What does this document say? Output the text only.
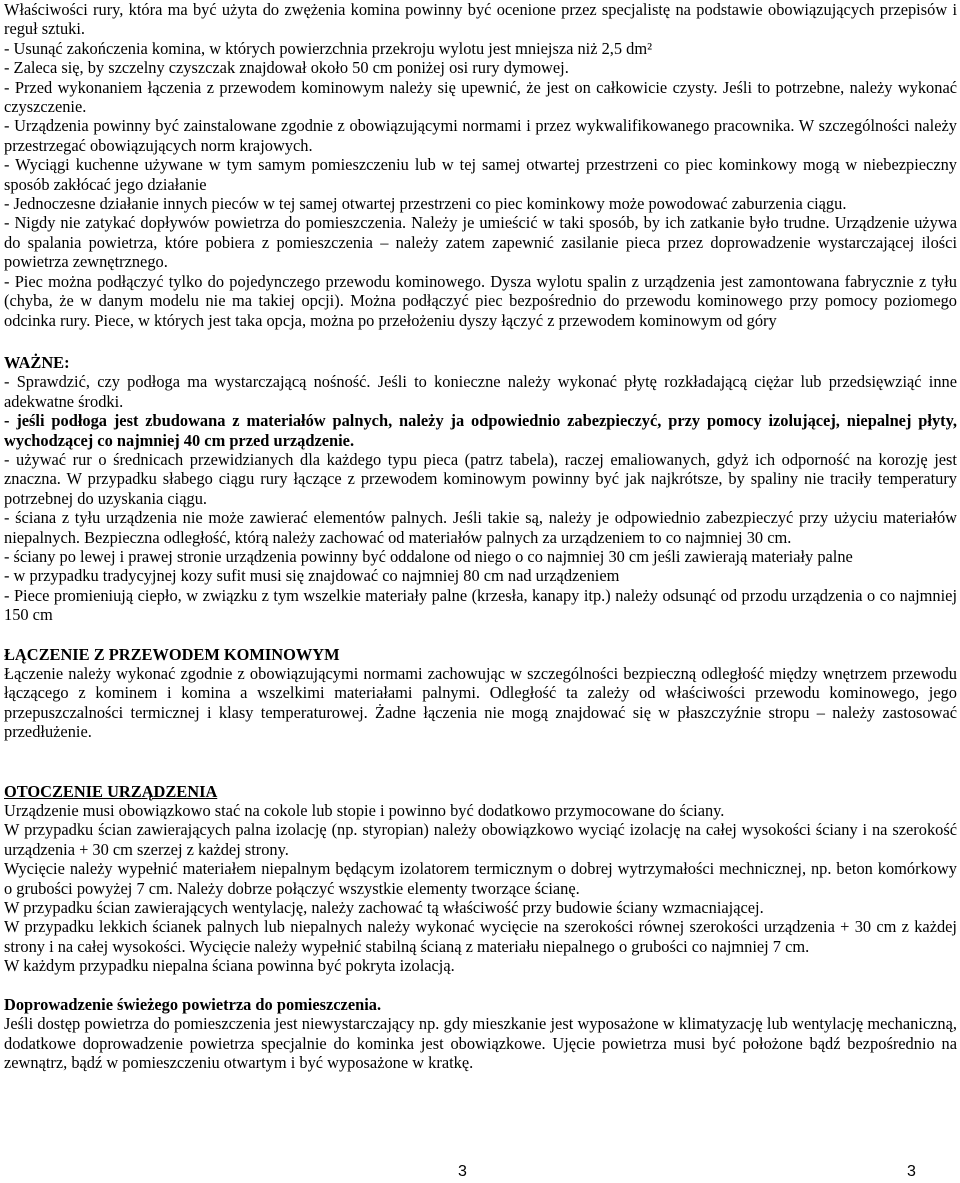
Właściwości rury, która ma być użyta do zwężenia komina powinny być ocenione przez specjalistę na podstawie obowiązujących przepisów i reguł sztuki.

- Usunąć zakończenia komina, w których powierzchnia przekroju wylotu jest mniejsza niż 2,5 dm²

- Zaleca się, by szczelny czyszczak znajdował około 50 cm poniżej osi rury dymowej.

- Przed wykonaniem łączenia z przewodem kominowym należy się upewnić, że jest on całkowicie czysty. Jeśli to potrzebne, należy wykonać czyszczenie.

- Urządzenia powinny być zainstalowane zgodnie z obowiązującymi normami i przez wykwalifikowanego pracownika. W szczególności należy przestrzegać obowiązujących norm krajowych.

- Wyciągi kuchenne używane w tym samym pomieszczeniu lub w tej samej otwartej przestrzeni co piec kominkowy mogą w niebezpieczny sposób zakłócać jego działanie

- Jednoczesne działanie innych pieców w tej samej otwartej przestrzeni co piec kominkowy może powodować zaburzenia ciągu.

- Nigdy nie zatykać dopływów powietrza do pomieszczenia. Należy je umieścić w taki sposób, by ich zatkanie było trudne. Urządzenie używa do spalania powietrza, które pobiera z pomieszczenia – należy zatem zapewnić zasilanie pieca przez doprowadzenie wystarczającej ilości powietrza zewnętrznego.

- Piec można podłączyć tylko do pojedynczego przewodu kominowego. Dysza wylotu spalin z urządzenia jest zamontowana fabrycznie z tyłu (chyba, że w danym modelu nie ma takiej opcji). Można podłączyć piec bezpośrednio do przewodu kominowego przy pomocy poziomego odcinka rury. Piece, w których jest taka opcja, można po przełożeniu dyszy łączyć z przewodem kominowym od góry

WAŻNE:

- Sprawdzić, czy podłoga ma wystarczającą nośność. Jeśli to konieczne należy wykonać płytę rozkładającą ciężar lub przedsięwziąć inne adekwatne środki.

- jeśli podłoga jest zbudowana z materiałów palnych, należy ja odpowiednio zabezpieczyć, przy pomocy izolującej, niepalnej płyty, wychodzącej co najmniej 40 cm przed urządzenie.

- używać rur o średnicach przewidzianych dla każdego typu pieca (patrz tabela), raczej emaliowanych, gdyż ich odporność na korozję jest znaczna. W przypadku słabego ciągu rury łączące z przewodem kominowym powinny być jak najkrótsze, by spaliny nie traciły temperatury potrzebnej do uzyskania ciągu.

- ściana z tyłu urządzenia nie może zawierać elementów palnych. Jeśli takie są, należy je odpowiednio zabezpieczyć przy użyciu materiałów niepalnych. Bezpieczna odległość, którą należy zachować od materiałów palnych za urządzeniem to co najmniej 30 cm.

- ściany po lewej i prawej stronie urządzenia powinny być oddalone od niego o co najmniej 30 cm jeśli zawierają materiały palne

- w przypadku tradycyjnej kozy sufit musi się znajdować co najmniej 80 cm nad urządzeniem

- Piece promieniują ciepło, w związku z tym wszelkie materiały palne (krzesła, kanapy itp.) należy odsunąć od przodu urządzenia o co najmniej 150 cm

ŁĄCZENIE Z PRZEWODEM KOMINOWYM

Łączenie należy wykonać zgodnie z obowiązującymi normami zachowując w szczególności bezpieczną odległość między wnętrzem przewodu łączącego z kominem i komina a wszelkimi materiałami palnymi. Odległość ta zależy od właściwości przewodu kominowego, jego przepuszczalności termicznej i klasy temperaturowej. Żadne łączenia nie mogą znajdować się w płaszczyźnie stropu – należy zastosować przedłużenie.

OTOCZENIE URZĄDZENIA

Urządzenie musi obowiązkowo stać na cokole lub stopie i powinno być dodatkowo przymocowane do ściany.

W przypadku ścian zawierających palna izolację (np. styropian) należy obowiązkowo wyciąć izolację na całej wysokości ściany i na szerokość urządzenia + 30 cm szerzej z każdej strony.

Wycięcie należy wypełnić materiałem niepalnym będącym izolatorem termicznym o dobrej wytrzymałości mechnicznej, np. beton komórkowy o grubości powyżej 7 cm. Należy dobrze połączyć wszystkie elementy tworzące ścianę.

W przypadku ścian zawierających wentylację, należy zachować tą właściwość przy budowie ściany wzmacniającej.

W przypadku lekkich ścianek palnych lub niepalnych należy wykonać wycięcie na szerokości równej szerokości urządzenia + 30 cm z każdej strony i na całej wysokości. Wycięcie należy wypełnić stabilną ścianą z materiału niepalnego o grubości co najmniej 7 cm.

W każdym przypadku niepalna ściana powinna być pokryta izolacją.

Doprowadzenie świeżego powietrza do pomieszczenia.

Jeśli dostęp powietrza do pomieszczenia jest niewystarczający np. gdy mieszkanie jest wyposażone w klimatyzację lub wentylację mechaniczną, dodatkowe doprowadzenie powietrza specjalnie do kominka jest obowiązkowe. Ujęcie powietrza musi być położone bądź bezpośrednio na zewnątrz, bądź w pomieszczeniu otwartym i być wyposażone w kratkę.

3	3
